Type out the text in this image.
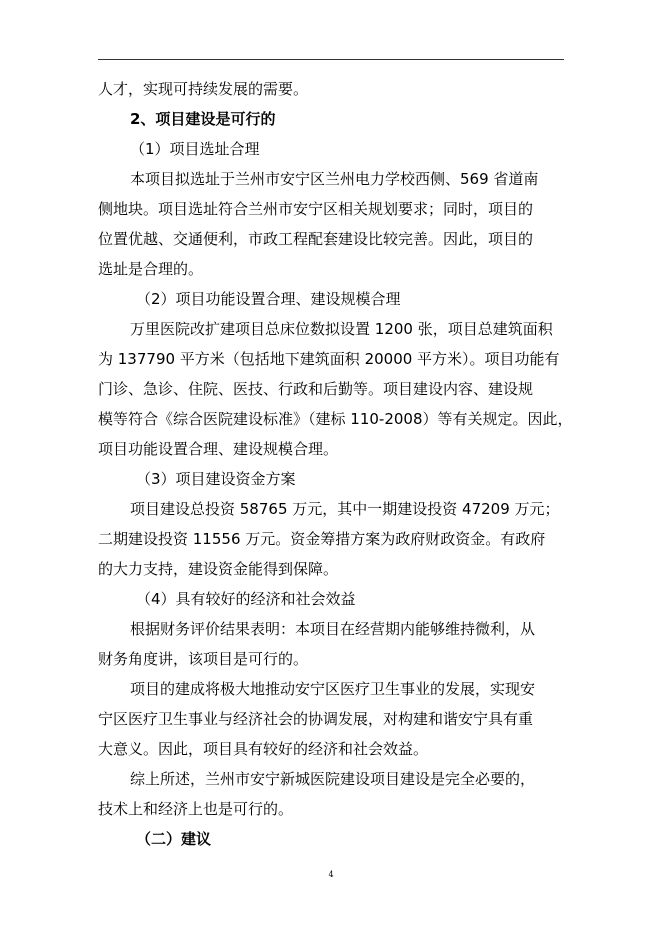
人才，实现可持续发展的需要。
2、项目建设是可行的
（1）项目选址合理
本项目拟选址于兰州市安宁区兰州电力学校西侧、569 省道南
侧地块。项目选址符合兰州市安宁区相关规划要求；同时，项目的
位置优越、交通便利，市政工程配套建设比较完善。因此，项目的
选址是合理的。
（2）项目功能设置合理、建设规模合理
万里医院改扩建项目总床位数拟设置 1200 张，项目总建筑面积
为 137790 平方米（包括地下建筑面积 20000 平方米）。项目功能有
门诊、急诊、住院、医技、行政和后勤等。项目建设内容、建设规
模等符合《综合医院建设标准》（建标 110-2008）等有关规定。因此，
项目功能设置合理、建设规模合理。
（3）项目建设资金方案
项目建设总投资 58765 万元，其中一期建设投资 47209 万元；
二期建设投资 11556 万元。资金筹措方案为政府财政资金。有政府
的大力支持，建设资金能得到保障。
（4）具有较好的经济和社会效益
根据财务评价结果表明：本项目在经营期内能够维持微利，从
财务角度讲，该项目是可行的。
项目的建成将极大地推动安宁区医疗卫生事业的发展，实现安
宁区医疗卫生事业与经济社会的协调发展，对构建和谐安宁具有重
大意义。因此，项目具有较好的经济和社会效益。
综上所述，兰州市安宁新城医院建设项目建设是完全必要的，
技术上和经济上也是可行的。
（二）建议
4
